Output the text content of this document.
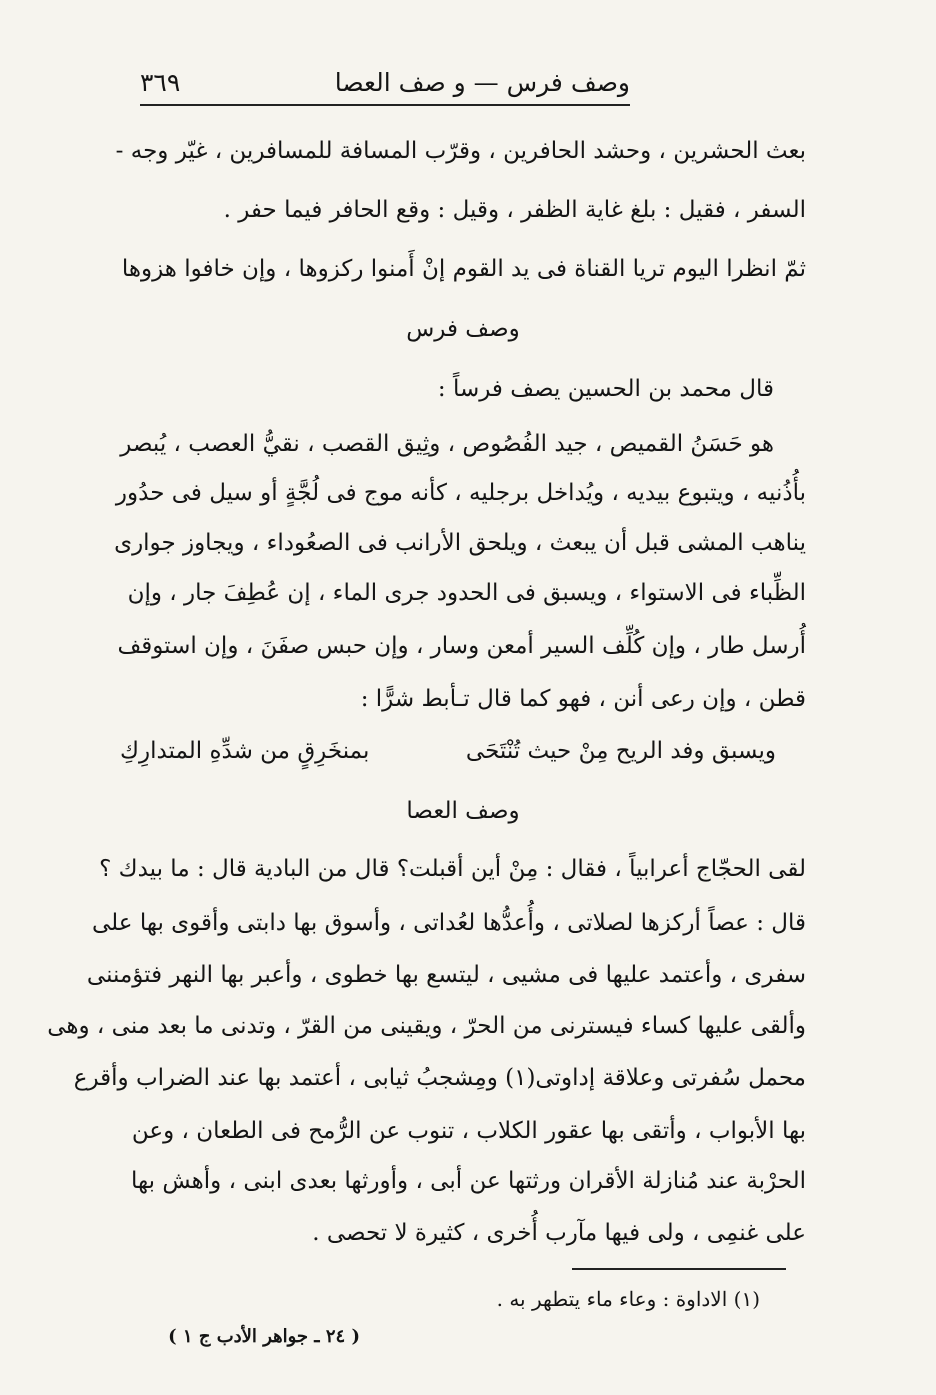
وصف فرس — و صف العصا
٣٦٩
بعث الحشرين ، وحشد الحافرين ، وقرّب المسافة للمسافرين ، غيّر وجه -
السفر ، فقيل : بلغ غاية الظفر ، وقيل : وقع الحافر فيما حفر .
ثمّ انظرا اليوم تريا القناة فى يد القوم إنْ أَمنوا ركزوها ، وإن خافوا هزوها
وصف فرس
قال محمد بن الحسين يصف فرساً :
هو حَسَنُ القميص ، جيد الفُصُوص ، وثِيق القصب ، نقيُّ العصب ، يُبصر
بأُذُنيه ، ويتبوع بيديه ، ويُداخل برجليه ، كأنه موج فى لُجَّةٍ أو سيل فى حدُور
يناهب المشى قبل أن يبعث ، ويلحق الأرانب فى الصعُوداء ، ويجاوز جوارى
الظِّباء فى الاستواء ، ويسبق فى الحدود جرى الماء ، إن عُطِفَ جار ، وإن
أُرسل طار ، وإن كُلِّف السير أمعن وسار ، وإن حبس صفَنَ ، وإن استوقف
قطن ، وإن رعى أنن ، فهو كما قال تـأبط شرًّا :
ويسبق وفد الريح مِنْ حيث تُنْتَحَى
بمنخَرِقٍ من شدِّهِ المتدارِكِ
وصف العصا
لقى الحجّاج أعرابياً ، فقال : مِنْ أين أقبلت؟ قال من البادية قال : ما بيدك ؟
قال : عصاً أركزها لصلاتى ، وأُعدُّها لعُداتى ، وأسوق بها دابتى وأقوى بها على
سفرى ، وأعتمد عليها فى مشيى ، ليتسع بها خطوى ، وأعبر بها النهر فتؤمننى
وألقى عليها كساء فيسترنى من الحرّ ، ويقينى من القرّ ، وتدنى ما بعد منى ، وهى
محمل سُفرتى وعلاقة إداوتى(١) ومِشجبُ ثيابى ، أعتمد بها عند الضراب وأقرع
بها الأبواب ، وأتقى بها عقور الكلاب ، تنوب عن الرُّمح فى الطعان ، وعن
الحرْبة عند مُنازلة الأقران ورثتها عن أبى ، وأورثها بعدى ابنى ، وأهش بها
على غنمِى ، ولى فيها مآرب أُخرى ، كثيرة لا تحصى .
(١) الاداوة : وعاء ماء يتطهر به .
( ٢٤ ـ جواهر الأدب ج ١ )
